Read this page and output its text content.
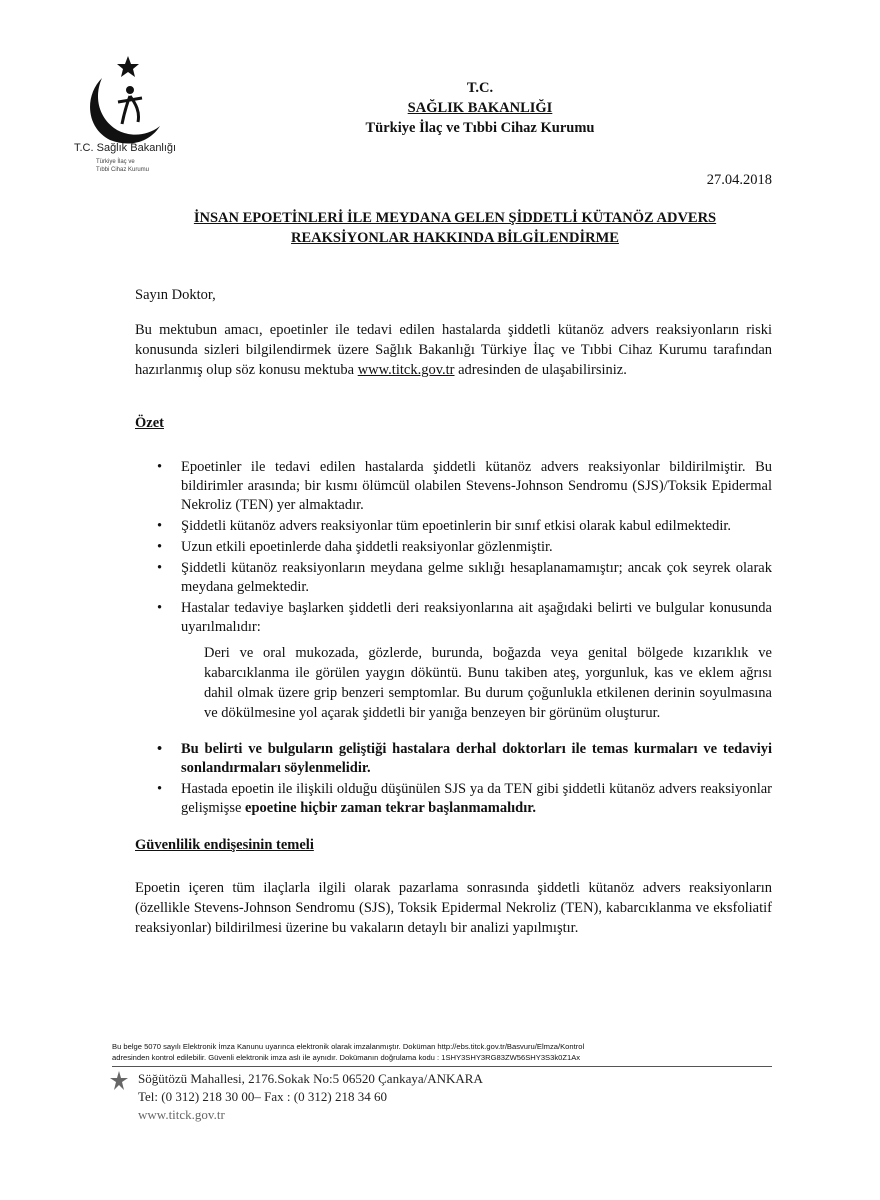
T.C. Sağlık Bakanlığı
Türkiye İlaç ve
Tıbbi Cihaz Kurumu
T.C.
SAĞLIK BAKANLIĞI
Türkiye İlaç ve Tıbbi Cihaz Kurumu
27.04.2018
İNSAN EPOETİNLERİ İLE MEYDANA GELEN ŞİDDETLİ KÜTANÖZ ADVERS
REAKSİYONLAR HAKKINDA BİLGİLENDİRME
Sayın Doktor,
Bu mektubun amacı, epoetinler ile tedavi edilen hastalarda şiddetli kütanöz advers reaksiyonların riski konusunda sizleri bilgilendirmek üzere Sağlık Bakanlığı Türkiye İlaç ve Tıbbi Cihaz Kurumu tarafından hazırlanmış olup söz konusu mektuba www.titck.gov.tr adresinden de ulaşabilirsiniz.
Özet
• Epoetinler ile tedavi edilen hastalarda şiddetli kütanöz advers reaksiyonlar bildirilmiştir. Bu bildirimler arasında; bir kısmı ölümcül olabilen Stevens-Johnson Sendromu (SJS)/Toksik Epidermal Nekroliz (TEN) yer almaktadır.
• Şiddetli kütanöz advers reaksiyonlar tüm epoetinlerin bir sınıf etkisi olarak kabul edilmektedir.
• Uzun etkili epoetinlerde daha şiddetli reaksiyonlar gözlenmiştir.
• Şiddetli kütanöz reaksiyonların meydana gelme sıklığı hesaplanamamıştır; ancak çok seyrek olarak meydana gelmektedir.
• Hastalar tedaviye başlarken şiddetli deri reaksiyonlarına ait aşağıdaki belirti ve bulgular konusunda uyarılmalıdır:
Deri ve oral mukozada, gözlerde, burunda, boğazda veya genital bölgede kızarıklık ve kabarcıklanma ile görülen yaygın döküntü. Bunu takiben ateş, yorgunluk, kas ve eklem ağrısı dahil olmak üzere grip benzeri semptomlar. Bu durum çoğunlukla etkilenen derinin soyulmasına ve dökülmesine yol açarak şiddetli bir yanığa benzeyen bir görünüm oluşturur.
• Bu belirti ve bulguların geliştiği hastalara derhal doktorları ile temas kurmaları ve tedaviyi sonlandırmaları söylenmelidir.
• Hastada epoetin ile ilişkili olduğu düşünülen SJS ya da TEN gibi şiddetli kütanöz advers reaksiyonlar gelişmişse epoetine hiçbir zaman tekrar başlanmamalıdır.
Güvenlilik endişesinin temeli
Epoetin içeren tüm ilaçlarla ilgili olarak pazarlama sonrasında şiddetli kütanöz advers reaksiyonların (özellikle Stevens-Johnson Sendromu (SJS), Toksik Epidermal Nekroliz (TEN), kabarcıklanma ve eksfoliatif reaksiyonlar) bildirilmesi üzerine bu vakaların detaylı bir analizi yapılmıştır.
Bu belge 5070 sayılı Elektronik İmza Kanunu uyarınca elektronik olarak imzalanmıştır. Doküman http://ebs.titck.gov.tr/Basvuru/Elmza/Kontrol
adresinden kontrol edilebilir. Güvenli elektronik imza aslı ile aynıdır. Dokümanın doğrulama kodu : 1SHY3SHY3RG83ZW56SHY3S3k0Z1Ax
Söğütözü Mahallesi, 2176.Sokak No:5 06520 Çankaya/ANKARA
Tel: (0 312) 218 30 00– Fax : (0 312) 218 34 60
www.titck.gov.tr
